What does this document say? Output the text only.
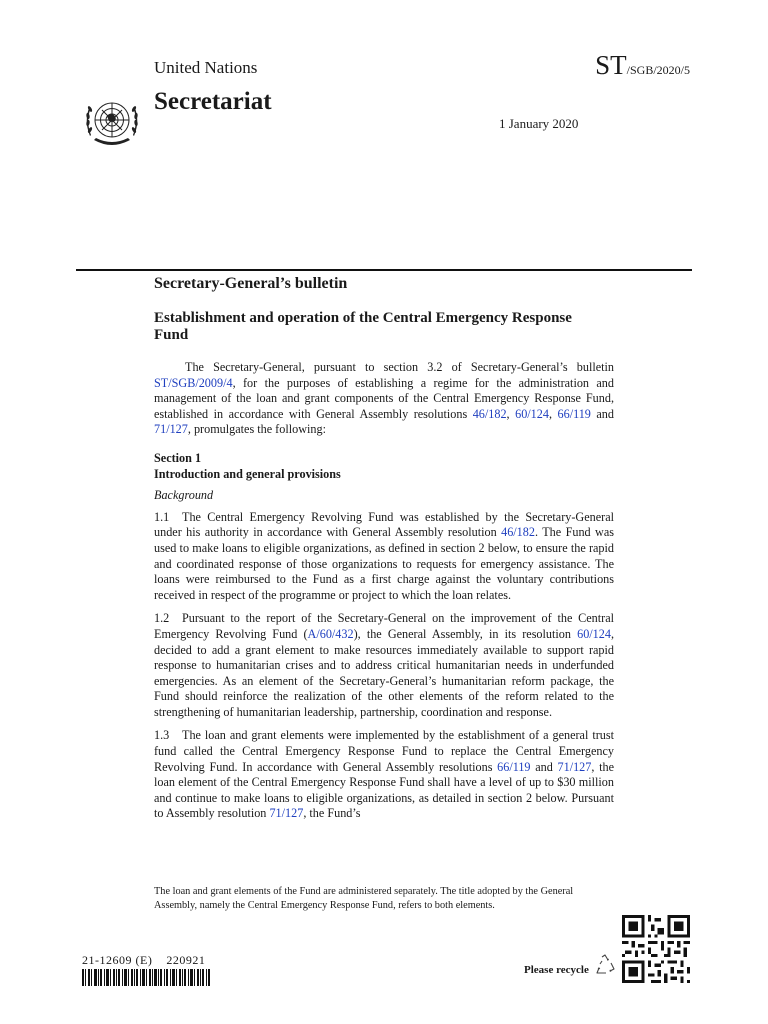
United Nations	ST/SGB/2020/5
Secretariat
1 January 2020
Secretary-General’s bulletin
Establishment and operation of the Central Emergency Response Fund

The Secretary-General, pursuant to section 3.2 of Secretary-General’s bulletin ST/SGB/2009/4, for the purposes of establishing a regime for the administration and management of the loan and grant components of the Central Emergency Response Fund, established in accordance with General Assembly resolutions 46/182, 60/124, 66/119 and 71/127, promulgates the following:

Section 1

Introduction and general provisions

Background

1.1 The Central Emergency Revolving Fund was established by the Secretary-General under his authority in accordance with General Assembly resolution 46/182. The Fund was used to make loans to eligible organizations, as defined in section 2 below, to ensure the rapid and coordinated response of those organizations to requests for emergency assistance. The loans were reimbursed to the Fund as a first charge against the voluntary contributions received in respect of the programme or project to which the loan relates.

1.2 Pursuant to the report of the Secretary-General on the improvement of the Central Emergency Revolving Fund (A/60/432), the General Assembly, in its resolution 60/124, decided to add a grant element to make resources immediately available to support rapid response to humanitarian crises and to address critical humanitarian needs in underfunded emergencies. As an element of the Secretary-General’s humanitarian reform package, the Fund should reinforce the realization of the other elements of the reform related to the strengthening of humanitarian leadership, partnership, coordination and response.

1.3 The loan and grant elements were implemented by the establishment of a general trust fund called the Central Emergency Response Fund to replace the Central Emergency Revolving Fund. In accordance with General Assembly resolutions 66/119 and 71/127, the loan element of the Central Emergency Response Fund shall have a level of up to $30 million and continue to make loans to eligible organizations, as detailed in section 2 below. Pursuant to Assembly resolution 71/127, the Fund’s

The loan and grant elements of the Fund are administered separately. The title adopted by the General Assembly, namely the Central Emergency Response Fund, refers to both elements.

21-12609 (E)    220921
Please recycle
